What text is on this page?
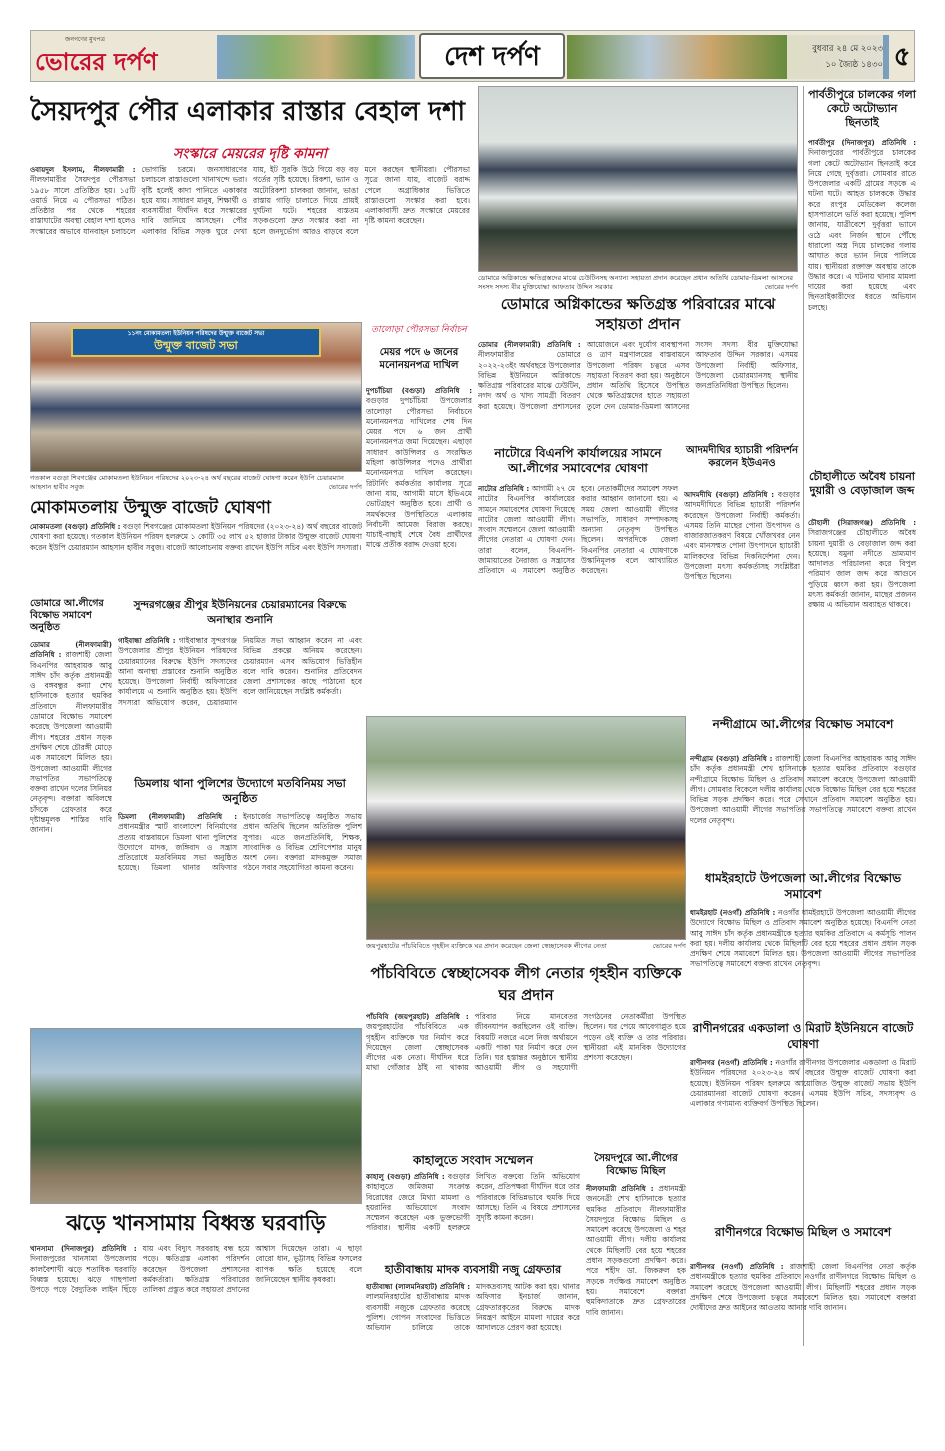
জনগণের মুখপত্র
ভোরের দর্পণ	দেশ দর্পণ	বুধবার ২৪ মে ২০২৩
১০ জ্যৈষ্ঠ ১৪৩০ ৫
সৈয়দপুর পৌর এলাকার রাস্তার বেহাল দশা
সংস্কারে মেয়রের দৃষ্টি কামনা
ওবায়দুল ইসলাম, নীলফামারী : নীলফামারীর সৈয়দপুর পৌরসভা ১৯৫৮ সালে প্রতিষ্ঠিত হয়। ১৫টি ওয়ার্ড নিয়ে এ পৌরসভা গঠিত। প্রতিষ্ঠার পর থেকে শহরের রাস্তাঘাটের অবস্থা বেহাল দশা হলেও সংস্কারের অভাবে যানবাহন চলাচলে ভোগান্তি চরমে। জনসাধারণের চলাচলে রাস্তাগুলো খানাখন্দে ভরা। বৃষ্টি হলেই কাদা পানিতে একাকার হয়ে যায়। সাধারণ মানুষ, শিক্ষার্থী ও ব্যবসায়ীরা দীর্ঘদিন ধরে সংস্কারের দাবি জানিয়ে আসছেন। পৌর এলাকার বিভিন্ন সড়ক ঘুরে দেখা যায়, ইট সুরকি উঠে গিয়ে বড় বড় গর্তের সৃষ্টি হয়েছে। রিকশা, ভ্যান ও অটোরিকশা চালকরা জানান, ভাঙা রাস্তায় গাড়ি চালাতে গিয়ে প্রায়ই দুর্ঘটনা ঘটে। শহরের ব্যস্ততম সড়কগুলো দ্রুত সংস্কার করা না হলে জনদুর্ভোগ আরও বাড়বে বলে মনে করছেন স্থানীয়রা। পৌরসভা সূত্রে জানা যায়, বাজেট বরাদ্দ পেলে অগ্রাধিকার ভিত্তিতে রাস্তাগুলো সংস্কার করা হবে। এলাকাবাসী দ্রুত সংস্কারে মেয়রের দৃষ্টি কামনা করেছেন।
ডোমারে অগ্নিকান্ডে ক্ষতিগ্রস্তদের মাঝে চেউটিনসহ অন্যান্য সহায়তা প্রদান করেছেন প্রধান অতিথি ডোমার-ডিমলা আসনের সংসদ সদস্য বীর মুক্তিযোদ্ধা আফতাব উদ্দিন সরকার	ভোরের দর্পণ
ডোমারে অগ্নিকান্ডের ক্ষতিগ্রস্ত পরিবারের মাঝে সহায়তা প্রদান
ডোমার (নীলফামারী) প্রতিনিধি : নীলফামারীর ডোমারে ২০২২-২৩ইং অর্থবছরে উপজেলার বিভিন্ন ইউনিয়নে অগ্নিকান্ডে ক্ষতিগ্রস্ত পরিবারের মাঝে ঢেউটিন, নগদ অর্থ ও খাদ্য সামগ্রী বিতরণ করা হয়েছে। উপজেলা প্রশাসনের আয়োজনে এবং দুর্যোগ ব্যবস্থাপনা ও ত্রাণ মন্ত্রণালয়ের বাস্তবায়নে উপজেলা পরিষদ চত্বরে এসব সহায়তা বিতরণ করা হয়। অনুষ্ঠানে প্রধান অতিথি হিসেবে উপস্থিত থেকে ক্ষতিগ্রস্তদের হাতে সহায়তা তুলে দেন ডোমার-ডিমলা আসনের সংসদ সদস্য বীর মুক্তিযোদ্ধা আফতাব উদ্দিন সরকার। এসময় উপজেলা নির্বাহী অফিসার, উপজেলা চেয়ারম্যানসহ স্থানীয় জনপ্রতিনিধিরা উপস্থিত ছিলেন।
পার্বতীপুরে চালকের গলা কেটে অটোভ্যান ছিনতাই
পার্বতীপুর (দিনাজপুর) প্রতিনিধি : দিনাজপুরের পার্বতীপুরে চালকের গলা কেটে অটোভ্যান ছিনতাই করে নিয়ে গেছে দুর্বৃত্তরা। সোমবার রাতে উপজেলার একটি গ্রামের সড়কে এ ঘটনা ঘটে। আহত চালককে উদ্ধার করে রংপুর মেডিকেল কলেজ হাসপাতালে ভর্তি করা হয়েছে। পুলিশ জানায়, যাত্রীবেশে দুর্বৃত্তরা ভ্যানে ওঠে এবং নির্জন স্থানে পৌঁছে ধারালো অস্ত্র দিয়ে চালকের গলায় আঘাত করে ভ্যান নিয়ে পালিয়ে যায়। স্থানীয়রা রক্তাক্ত অবস্থায় তাকে উদ্ধার করে। এ ঘটনায় থানায় মামলা দায়ের করা হয়েছে এবং ছিনতাইকারীদের ধরতে অভিযান চলছে।
১১নং মোকামতলা ইউনিয়ন পরিষদের উন্মুক্ত বাজেট সভা
উন্মুক্ত বাজেট সভা
গতকাল বগুড়া শিবগঞ্জের মোকামতলা ইউনিয়ন পরিষদের ২০২৩-২৪ অর্থ বছরের বাজেট ঘোষণা করেন ইউপি চেয়ারম্যান আহসান হাবীব সবুজ	ভোরের দর্পণ
তালোড়া পৌরসভা নির্বাচন
মেয়র পদে ৬ জনের মনোনয়নপত্র দাখিল
দুপচাঁচিয়া (বগুড়া) প্রতিনিধি : বগুড়ার দুপচাঁচিয়া উপজেলার তালোড়া পৌরসভা নির্বাচনে মনোনয়নপত্র দাখিলের শেষ দিন মেয়র পদে ৬ জন প্রার্থী মনোনয়নপত্র জমা দিয়েছেন। এছাড়া সাধারণ কাউন্সিলর ও সংরক্ষিত মহিলা কাউন্সিলর পদেও প্রার্থীরা মনোনয়নপত্র দাখিল করেছেন। রিটার্নিং কর্মকর্তার কার্যালয় সূত্রে জানা যায়, আগামী মাসে ইভিএমে ভোটগ্রহণ অনুষ্ঠিত হবে। প্রার্থী ও সমর্থকদের উপস্থিতিতে এলাকায় নির্বাচনী আমেজ বিরাজ করছে। যাচাই-বাছাই শেষে বৈধ প্রার্থীদের মাঝে প্রতীক বরাদ্দ দেওয়া হবে।
নাটোরে বিএনপি কার্যালয়ের সামনে আ.লীগের সমাবেশের ঘোষণা
নাটোর প্রতিনিধি : আগামী ২৭ মে নাটোর বিএনপির কার্যালয়ের সামনে সমাবেশের ঘোষণা দিয়েছে নাটোর জেলা আওয়ামী লীগ। সংবাদ সম্মেলনে জেলা আওয়ামী লীগের নেতারা এ ঘোষণা দেন। তারা বলেন, বিএনপি-জামায়াতের নৈরাজ্য ও সন্ত্রাসের প্রতিবাদে এ সমাবেশ অনুষ্ঠিত হবে। নেতাকর্মীদের সমাবেশ সফল করার আহ্বান জানানো হয়। এ সময় জেলা আওয়ামী লীগের সভাপতি, সাধারণ সম্পাদকসহ অন্যান্য নেতৃবৃন্দ উপস্থিত ছিলেন। অপরদিকে জেলা বিএনপির নেতারা এ ঘোষণাকে উস্কানিমূলক বলে আখ্যায়িত করেছেন।
আদমদীঘির হ্যাচারী পরিদর্শন করলেন ইউএনও
আদমদীঘি (বগুড়া) প্রতিনিধি : বগুড়ার আদমদীঘিতে বিভিন্ন হ্যাচারী পরিদর্শন করেছেন উপজেলা নির্বাহী কর্মকর্তা। এসময় তিনি মাছের পোনা উৎপাদন ও বাজারজাতকরণ বিষয়ে খোঁজখবর নেন এবং মানসম্মত পোনা উৎপাদনে হ্যাচারী মালিকদের বিভিন্ন দিকনির্দেশনা দেন। উপজেলা মৎস্য কর্মকর্তাসহ সংশ্লিষ্টরা উপস্থিত ছিলেন।
চৌহালীতে অবৈধ চায়না দুয়ারী ও বেড়াজাল জব্দ
চৌহালী (সিরাজগঞ্জ) প্রতিনিধি : সিরাজগঞ্জের চৌহালীতে অবৈধ চায়না দুয়ারী ও বেড়াজাল জব্দ করা হয়েছে। যমুনা নদীতে ভ্রাম্যমাণ আদালত পরিচালনা করে বিপুল পরিমাণ জাল জব্দ করে আগুনে পুড়িয়ে ধ্বংস করা হয়। উপজেলা মৎস্য কর্মকর্তা জানান, মাছের প্রজনন রক্ষায় এ অভিযান অব্যাহত থাকবে।
মোকামতলায় উন্মুক্ত বাজেট ঘোষণা
মোকামতলা (বগুড়া) প্রতিনিধি : বগুড়া শিবগঞ্জের মোকামতলা ইউনিয়ন পরিষদের (২০২৩-২৪) অর্থ বছরের বাজেট ঘোষণা করা হয়েছে। গতকাল ইউনিয়ন পরিষদ হলরুমে ১ কোটি ৩৫ লাখ ৫২ হাজার টাকার উন্মুক্ত বাজেট ঘোষণা করেন ইউপি চেয়ারম্যান আহসান হাবীব সবুজ। বাজেট আলোচনায় বক্তব্য রাখেন ইউপি সচিব এবং ইউপি সদস্যরা।
ডোমারে আ.লীগের বিক্ষোভ সমাবেশ অনুষ্ঠিত
ডোমার (নীলফামারী) প্রতিনিধি : রাজশাহী জেলা বিএনপির আহবায়ক আবু সাঈদ চাঁদ কর্তৃক প্রধানমন্ত্রী ও বঙ্গবন্ধুর কন্যা শেখ হাসিনাকে হত্যার হুমকির প্রতিবাদে নীলফামারীর ডোমারে বিক্ষোভ সমাবেশ করেছে উপজেলা আওয়ামী লীগ। শহরের প্রধান সড়ক প্রদক্ষিণ শেষে চৌরঙ্গী মোড়ে এক সমাবেশে মিলিত হয়। উপজেলা আওয়ামী লীগের সভাপতির সভাপতিত্বে বক্তব্য রাখেন দলের সিনিয়র নেতৃবৃন্দ। বক্তারা অবিলম্বে চাঁদকে গ্রেফতার করে দৃষ্টান্তমূলক শাস্তির দাবি জানান।
সুন্দরগঞ্জের শ্রীপুর ইউনিয়নের চেয়ারম্যানের বিরুদ্ধে অনাস্থার শুনানি
গাইবান্ধা প্রতিনিধি : গাইবান্ধার সুন্দরগঞ্জ উপজেলার শ্রীপুর ইউনিয়ন পরিষদের চেয়ারম্যানের বিরুদ্ধে ইউপি সদস্যদের আনা অনাস্থা প্রস্তাবের শুনানি অনুষ্ঠিত হয়েছে। উপজেলা নির্বাহী অফিসারের কার্যালয়ে এ শুনানি অনুষ্ঠিত হয়। ইউপি সদস্যরা অভিযোগ করেন, চেয়ারম্যান নিয়মিত সভা আহ্বান করেন না এবং বিভিন্ন প্রকল্পে অনিয়ম করেছেন। চেয়ারম্যান এসব অভিযোগ ভিত্তিহীন বলে দাবি করেন। শুনানির প্রতিবেদন জেলা প্রশাসকের কাছে পাঠানো হবে বলে জানিয়েছেন সংশ্লিষ্ট কর্মকর্তা।
ডিমলায় থানা পুলিশের উদ্যোগে মতবিনিময় সভা অনুষ্ঠিত
ডিমলা (নীলফামারী) প্রতিনিধি : প্রধানমন্ত্রীর স্মার্ট বাংলাদেশ বিনির্মাণের প্রত্যয় বাস্তবায়নে ডিমলা থানা পুলিশের উদ্যোগে মাদক, জঙ্গিবাদ ও সন্ত্রাস প্রতিরোধে মতবিনিময় সভা অনুষ্ঠিত হয়েছে। ডিমলা থানার অফিসার ইনচার্জের সভাপতিত্বে অনুষ্ঠিত সভায় প্রধান অতিথি ছিলেন অতিরিক্ত পুলিশ সুপার। এতে জনপ্রতিনিধি, শিক্ষক, সাংবাদিক ও বিভিন্ন শ্রেণিপেশার মানুষ অংশ নেন। বক্তারা মাদকমুক্ত সমাজ গঠনে সবার সহযোগিতা কামনা করেন।
জয়পুরহাটের পাঁচবিবিতে গৃহহীন ব্যক্তিকে ঘর প্রদান করেছেন জেলা স্বেচ্ছাসেবক লীগের নেতা	ভোরের দর্পণ
নন্দীগ্রামে আ.লীগের বিক্ষোভ সমাবেশ
নন্দীগ্রাম (বগুড়া) প্রতিনিধি : রাজশাহী জেলা বিএনপির আহবায়ক আবু সাঈদ চাঁদ কর্তৃক প্রধানমন্ত্রী শেখ হাসিনাকে হত্যার হুমকির প্রতিবাদে বগুড়ার নন্দীগ্রামে বিক্ষোভ মিছিল ও প্রতিবাদ সমাবেশ করেছে উপজেলা আওয়ামী লীগ। সোমবার বিকেলে দলীয় কার্যালয় থেকে বিক্ষোভ মিছিল বের হয়ে শহরের বিভিন্ন সড়ক প্রদক্ষিণ করে। পরে সেখানে প্রতিবাদ সমাবেশ অনুষ্ঠিত হয়। উপজেলা আওয়ামী লীগের সভাপতির সভাপতিত্বে সমাবেশে বক্তব্য রাখেন দলের নেতৃবৃন্দ।
ধামইরহাটে উপজেলা আ.লীগের বিক্ষোভ সমাবেশ
ধামইরহাট (নওগাঁ) প্রতিনিধি : নওগাঁর ধামইরহাটে উপজেলা আওয়ামী লীগের উদ্যোগে বিক্ষোভ মিছিল ও প্রতিবাদ সমাবেশ অনুষ্ঠিত হয়েছে। বিএনপি নেতা আবু সাঈদ চাঁদ কর্তৃক প্রধানমন্ত্রীকে হত্যার হুমকির প্রতিবাদে এ কর্মসূচি পালন করা হয়। দলীয় কার্যালয় থেকে মিছিলটি বের হয়ে শহরের প্রধান প্রধান সড়ক প্রদক্ষিণ শেষে সমাবেশে মিলিত হয়। উপজেলা আওয়ামী লীগের সভাপতির সভাপতিত্বে সমাবেশে বক্তব্য রাখেন নেতৃবৃন্দ।
পাঁচবিবিতে স্বেচ্ছাসেবক লীগ নেতার গৃহহীন ব্যক্তিকে ঘর প্রদান
পাঁচবিবি (জয়পুরহাট) প্রতিনিধি : জয়পুরহাটের পাঁচবিবিতে এক গৃহহীন ব্যক্তিকে ঘর নির্মাণ করে দিয়েছেন জেলা স্বেচ্ছাসেবক লীগের এক নেতা। দীর্ঘদিন ধরে মাথা গোঁজার ঠাঁই না থাকায় পরিবার নিয়ে মানবেতর জীবনযাপন করছিলেন ওই ব্যক্তি। বিষয়টি নজরে এলে নিজ অর্থায়নে একটি পাকা ঘর নির্মাণ করে দেন তিনি। ঘর হস্তান্তর অনুষ্ঠানে স্থানীয় আওয়ামী লীগ ও সহযোগী সংগঠনের নেতাকর্মীরা উপস্থিত ছিলেন। ঘর পেয়ে আবেগাপ্লুত হয়ে পড়েন ওই ব্যক্তি ও তার পরিবার। স্থানীয়রা এই মানবিক উদ্যোগের প্রশংসা করেছেন।
রাণীনগরের একডালা ও মিরাট ইউনিয়নে বাজেট ঘোষণা
রাণীনগর (নওগাঁ) প্রতিনিধি : নওগাঁর রাণীনগর উপজেলার একডালা ও মিরাট ইউনিয়ন পরিষদের ২০২৩-২৪ অর্থ বছরের উন্মুক্ত বাজেট ঘোষণা করা হয়েছে। ইউনিয়ন পরিষদ হলরুমে আয়োজিত উন্মুক্ত বাজেট সভায় ইউপি চেয়ারম্যানরা বাজেট ঘোষণা করেন। এসময় ইউপি সচিব, সদস্যবৃন্দ ও এলাকার গণ্যমান্য ব্যক্তিবর্গ উপস্থিত ছিলেন।
কাহালুতে সংবাদ সম্মেলন
কাহালু (বগুড়া) প্রতিনিধি : বগুড়ার কাহালুতে জমিজমা সংক্রান্ত বিরোধের জেরে মিথ্যা মামলা ও হয়রানির অভিযোগে সংবাদ সম্মেলন করেছেন এক ভুক্তভোগী পরিবার। স্থানীয় একটি হলরুমে লিখিত বক্তব্যে তিনি অভিযোগ করেন, প্রতিপক্ষরা দীর্ঘদিন ধরে তার পরিবারকে বিভিন্নভাবে হুমকি দিয়ে আসছে। তিনি এ বিষয়ে প্রশাসনের সুদৃষ্টি কামনা করেন।
হাতীবান্ধায় মাদক ব্যবসায়ী নজু গ্রেফতার
হাতীবান্ধা (লালমনিরহাট) প্রতিনিধি : লালমনিরহাটের হাতীবান্ধায় মাদক ব্যবসায়ী নজুকে গ্রেফতার করেছে পুলিশ। গোপন সংবাদের ভিত্তিতে অভিযান চালিয়ে তাকে মাদকদ্রব্যসহ আটক করা হয়। থানার অফিসার ইনচার্জ জানান, গ্রেফতারকৃতের বিরুদ্ধে মাদক নিয়ন্ত্রণ আইনে মামলা দায়ের করে আদালতে প্রেরণ করা হয়েছে।
সৈয়দপুরে আ.লীগের বিক্ষোভ মিছিল
নীলফামারী প্রতিনিধি : প্রধানমন্ত্রী জননেত্রী শেখ হাসিনাকে হত্যার হুমকির প্রতিবাদে নীলফামারীর সৈয়দপুরে বিক্ষোভ মিছিল ও সমাবেশ করেছে উপজেলা ও শহর আওয়ামী লীগ। দলীয় কার্যালয় থেকে মিছিলটি বের হয়ে শহরের প্রধান সড়কগুলো প্রদক্ষিণ করে। পরে শহীদ ডা. জিকরুল হক সড়কে সংক্ষিপ্ত সমাবেশ অনুষ্ঠিত হয়। সমাবেশে বক্তারা হুমকিদাতাকে দ্রুত গ্রেফতারের দাবি জানান।
রাণীনগরে বিক্ষোভ মিছিল ও সমাবেশ
রাণীনগর (নওগাঁ) প্রতিনিধি : রাজশাহী জেলা বিএনপির নেতা কর্তৃক প্রধানমন্ত্রীকে হত্যার হুমকির প্রতিবাদে নওগাঁর রাণীনগরে বিক্ষোভ মিছিল ও সমাবেশ করেছে উপজেলা আওয়ামী লীগ। মিছিলটি শহরের প্রধান সড়ক প্রদক্ষিণ শেষে উপজেলা চত্বরে সমাবেশে মিলিত হয়। সমাবেশে বক্তারা দোষীদের দ্রুত আইনের আওতায় আনার দাবি জানান।
ঝড়ে খানসামায় বিধ্বস্ত ঘরবাড়ি
খানসামা (দিনাজপুর) প্রতিনিধি : দিনাজপুরের খানসামা উপজেলায় কালবৈশাখী ঝড়ে শতাধিক ঘরবাড়ি বিধ্বস্ত হয়েছে। ঝড়ে গাছপালা উপড়ে পড়ে বৈদ্যুতিক লাইন ছিঁড়ে যায় এবং বিদ্যুৎ সরবরাহ বন্ধ হয়ে পড়ে। ক্ষতিগ্রস্ত এলাকা পরিদর্শন করেছেন উপজেলা প্রশাসনের কর্মকর্তারা। ক্ষতিগ্রস্ত পরিবারের তালিকা প্রস্তুত করে সহায়তা প্রদানের আশ্বাস দিয়েছেন তারা। এ ছাড়া বোরো ধান, ভুট্টাসহ বিভিন্ন ফসলের ব্যাপক ক্ষতি হয়েছে বলে জানিয়েছেন স্থানীয় কৃষকরা।
